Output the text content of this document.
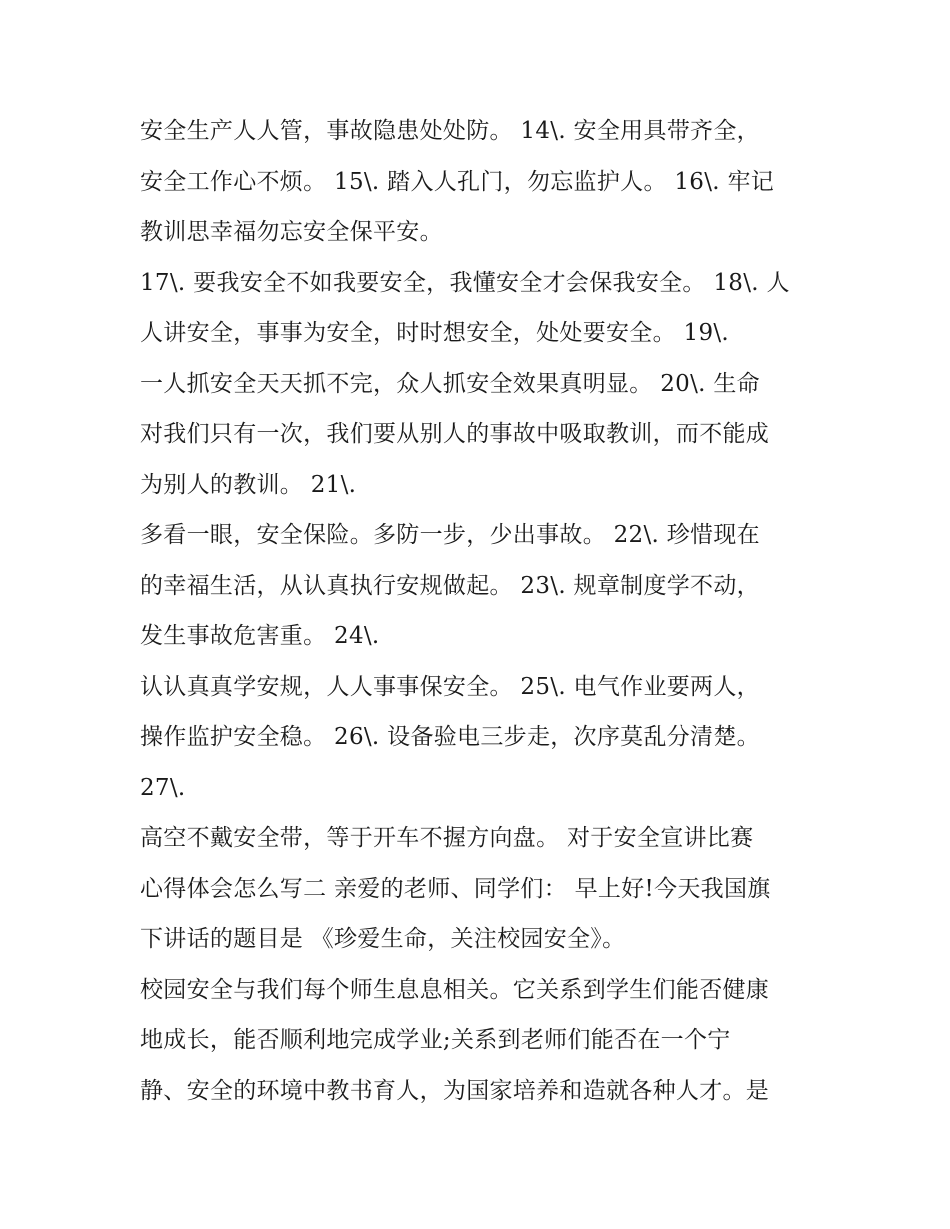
安全生产人人管，事故隐患处处防。 14\. 安全用具带齐全，
安全工作心不烦。 15\. 踏入人孔门，勿忘监护人。 16\. 牢记
教训思幸福勿忘安全保平安。
17\. 要我安全不如我要安全，我懂安全才会保我安全。 18\. 人
人讲安全，事事为安全，时时想安全，处处要安全。 19\.
一人抓安全天天抓不完，众人抓安全效果真明显。 20\. 生命
对我们只有一次，我们要从别人的事故中吸取教训，而不能成
为别人的教训。 21\.
多看一眼，安全保险。多防一步，少出事故。 22\. 珍惜现在
的幸福生活，从认真执行安规做起。 23\. 规章制度学不动，
发生事故危害重。 24\.
认认真真学安规，人人事事保安全。 25\. 电气作业要两人，
操作监护安全稳。 26\. 设备验电三步走，次序莫乱分清楚。
27\.
高空不戴安全带，等于开车不握方向盘。 对于安全宣讲比赛
心得体会怎么写二 亲爱的老师、同学们： 早上好!今天我国旗
下讲话的题目是 《珍爱生命，关注校园安全》。
校园安全与我们每个师生息息相关。它关系到学生们能否健康
地成长，能否顺利地完成学业;关系到老师们能否在一个宁
静、安全的环境中教书育人，为国家培养和造就各种人才。是
